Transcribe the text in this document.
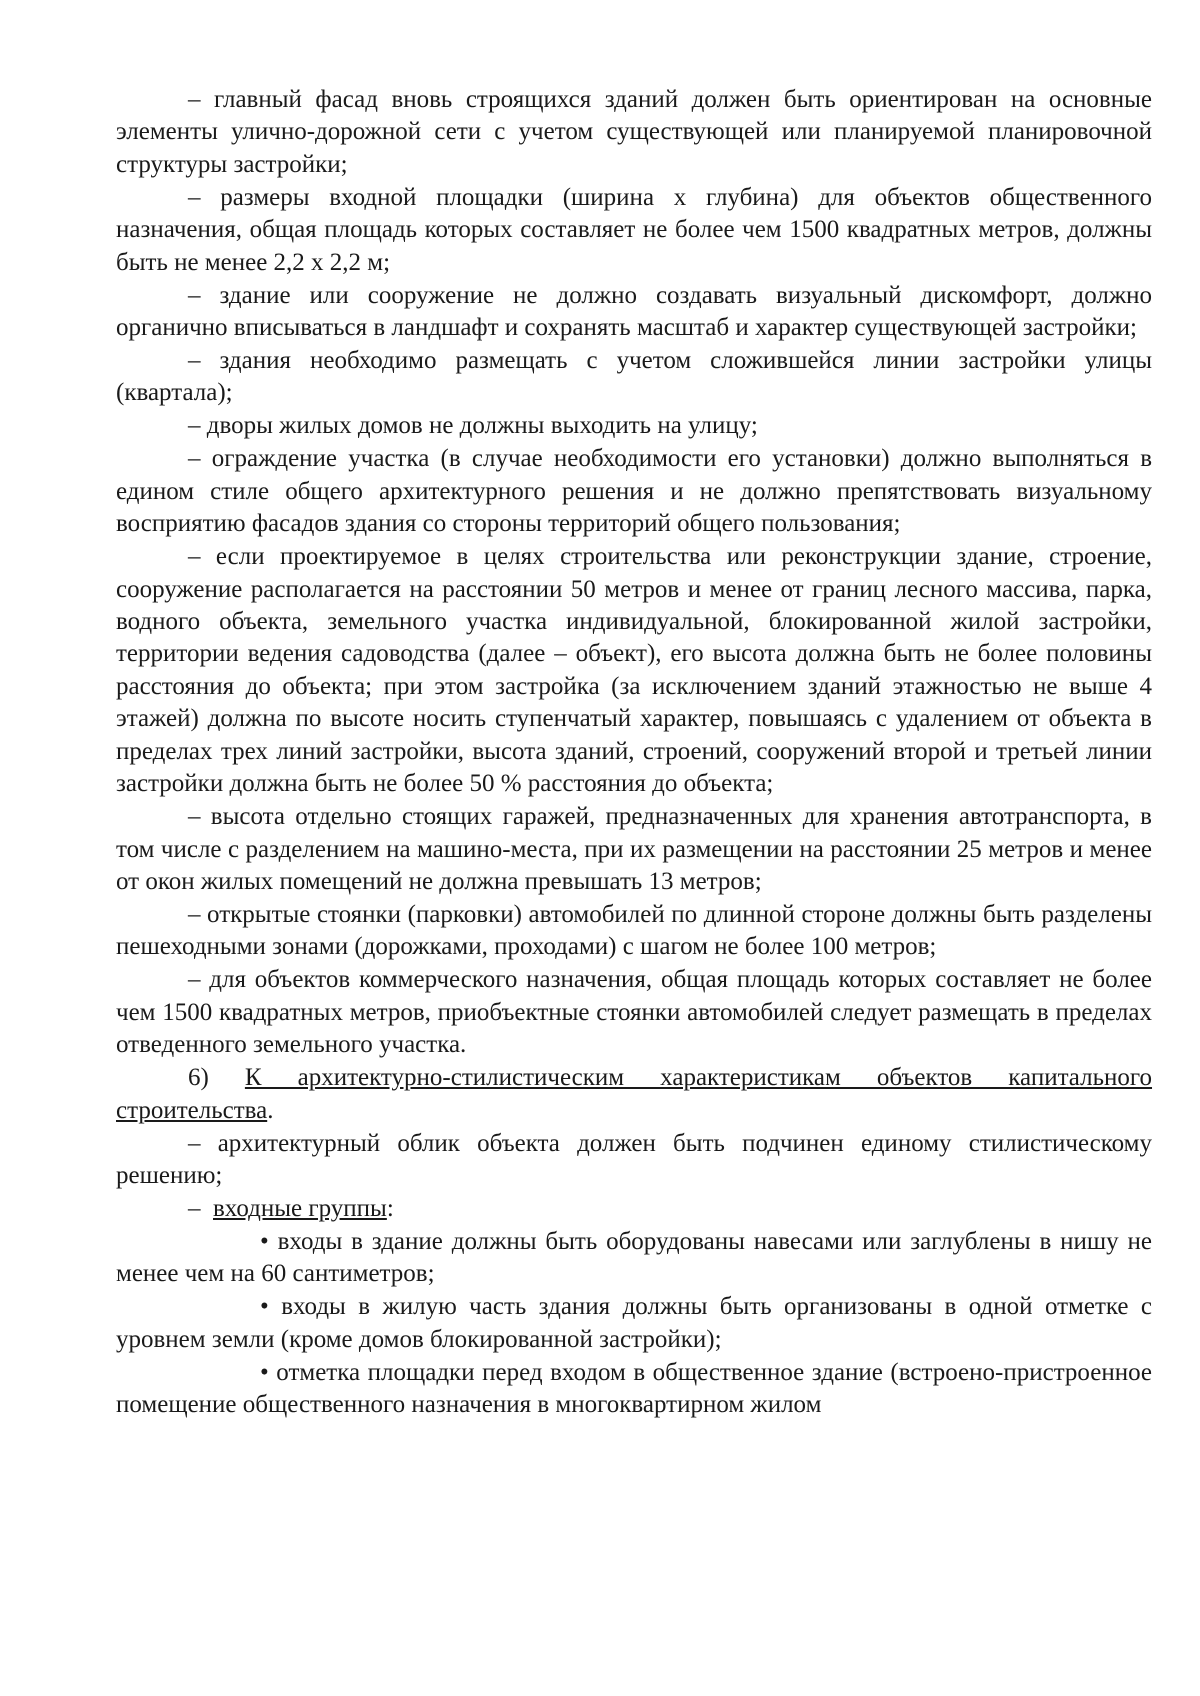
– главный фасад вновь строящихся зданий должен быть ориентирован на основные элементы улично-дорожной сети с учетом существующей или планируемой планировочной структуры застройки;

– размеры входной площадки (ширина х глубина) для объектов общественного назначения, общая площадь которых составляет не более чем 1500 квадратных метров, должны быть не менее 2,2 х 2,2 м;

– здание или сооружение не должно создавать визуальный дискомфорт, должно органично вписываться в ландшафт и сохранять масштаб и характер существующей застройки;

– здания необходимо размещать с учетом сложившейся линии застройки улицы (квартала);

– дворы жилых домов не должны выходить на улицу;

– ограждение участка (в случае необходимости его установки) должно выполняться в едином стиле общего архитектурного решения и не должно препятствовать визуальному восприятию фасадов здания со стороны территорий общего пользования;

– если проектируемое в целях строительства или реконструкции здание, строение, сооружение располагается на расстоянии 50 метров и менее от границ лесного массива, парка, водного объекта, земельного участка индивидуальной, блокированной жилой застройки, территории ведения садоводства (далее – объект), его высота должна быть не более половины расстояния до объекта; при этом застройка (за исключением зданий этажностью не выше 4 этажей) должна по высоте носить ступенчатый характер, повышаясь с удалением от объекта в пределах трех линий застройки, высота зданий, строений, сооружений второй и третьей линии застройки должна быть не более 50 % расстояния до объекта;

– высота отдельно стоящих гаражей, предназначенных для хранения автотранспорта, в том числе с разделением на машино-места, при их размещении на расстоянии 25 метров и менее от окон жилых помещений не должна превышать 13 метров;

– открытые стоянки (парковки) автомобилей по длинной стороне должны быть разделены пешеходными зонами (дорожками, проходами) с шагом не более 100 метров;

– для объектов коммерческого назначения, общая площадь которых составляет не более чем 1500 квадратных метров, приобъектные стоянки автомобилей следует размещать в пределах отведенного земельного участка.

6) К архитектурно-стилистическим характеристикам объектов капитального строительства.

– архитектурный облик объекта должен быть подчинен единому стилистическому решению;

– входные группы:

• входы в здание должны быть оборудованы навесами или заглублены в нишу не менее чем на 60 сантиметров;

• входы в жилую часть здания должны быть организованы в одной отметке с уровнем земли (кроме домов блокированной застройки);

• отметка площадки перед входом в общественное здание (встроено-пристроенное помещение общественного назначения в многоквартирном жилом
